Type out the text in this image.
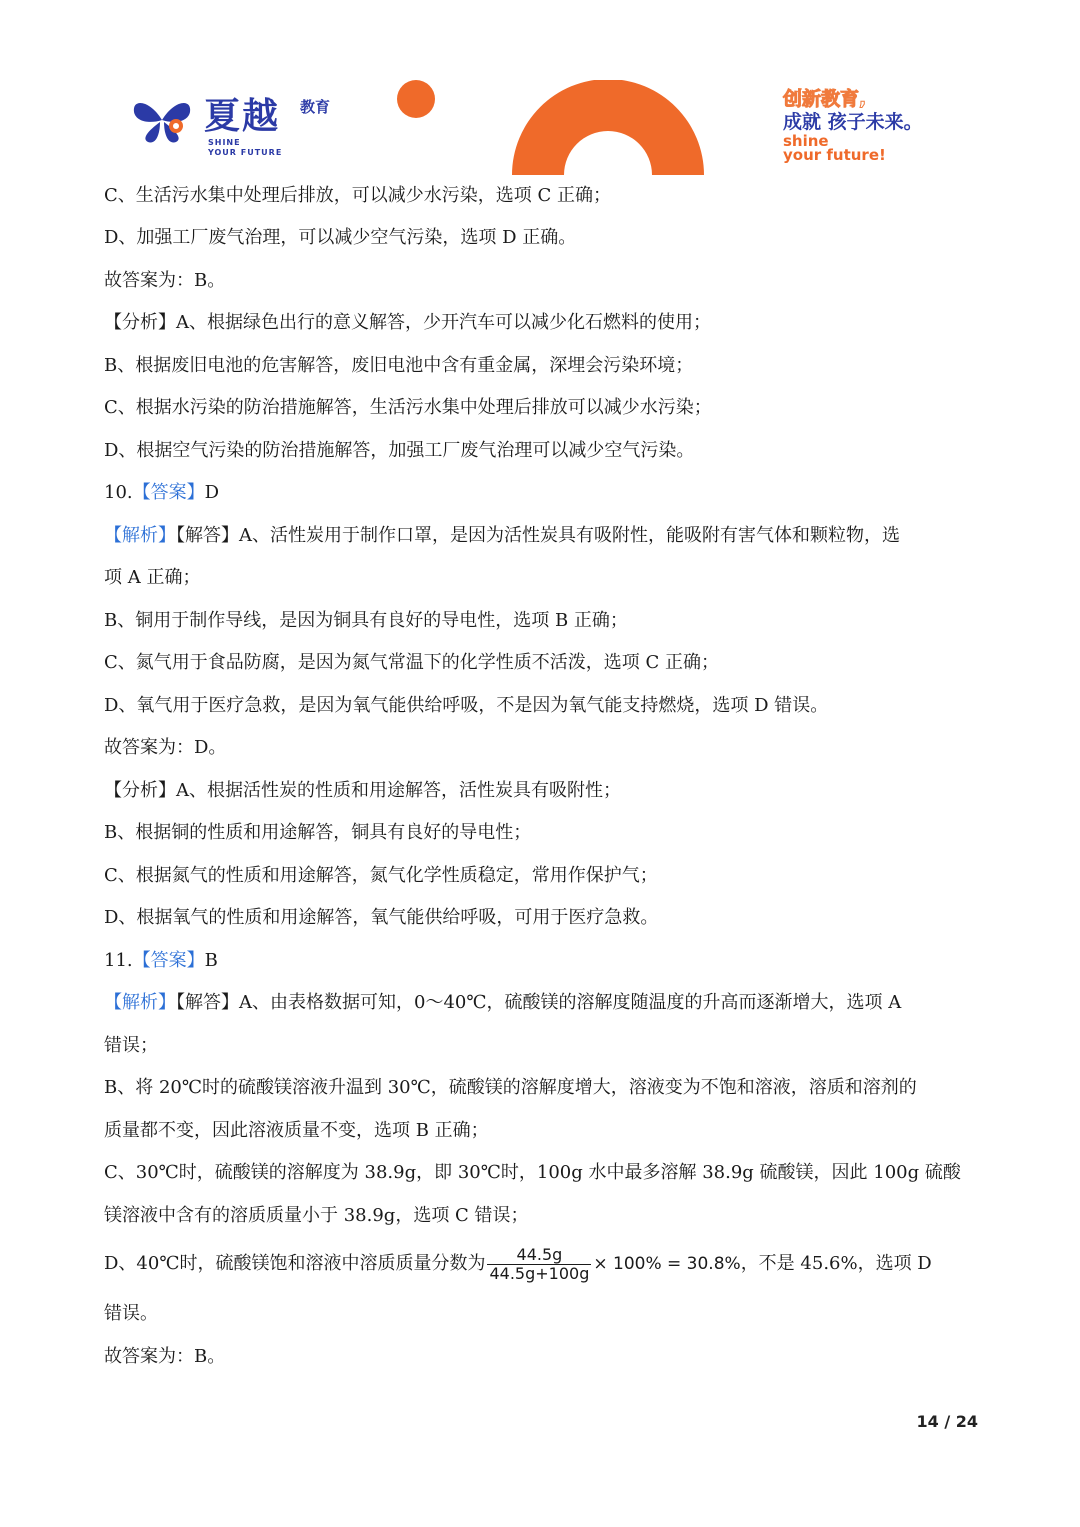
夏越 教育
SHINE
YOUR FUTURE
创新教育,
成就 孩子未来。
shine
your future!
C、生活污水集中处理后排放，可以减少水污染，选项 C 正确；
D、加强工厂废气治理，可以减少空气污染，选项 D 正确。
故答案为：B。
【分析】A、根据绿色出行的意义解答，少开汽车可以减少化石燃料的使用；
B、根据废旧电池的危害解答，废旧电池中含有重金属，深埋会污染环境；
C、根据水污染的防治措施解答，生活污水集中处理后排放可以减少水污染；
D、根据空气污染的防治措施解答，加强工厂废气治理可以减少空气污染。
10.【答案】D
【解析】【解答】A、活性炭用于制作口罩，是因为活性炭具有吸附性，能吸附有害气体和颗粒物，选
项 A 正确；
B、铜用于制作导线，是因为铜具有良好的导电性，选项 B 正确；
C、氮气用于食品防腐，是因为氮气常温下的化学性质不活泼，选项 C 正确；
D、氧气用于医疗急救，是因为氧气能供给呼吸，不是因为氧气能支持燃烧，选项 D 错误。
故答案为：D。
【分析】A、根据活性炭的性质和用途解答，活性炭具有吸附性；
B、根据铜的性质和用途解答，铜具有良好的导电性；
C、根据氮气的性质和用途解答，氮气化学性质稳定，常用作保护气；
D、根据氧气的性质和用途解答，氧气能供给呼吸，可用于医疗急救。
11.【答案】B
【解析】【解答】A、由表格数据可知，0～40℃，硫酸镁的溶解度随温度的升高而逐渐增大，选项 A
错误；
B、将 20℃时的硫酸镁溶液升温到 30℃，硫酸镁的溶解度增大，溶液变为不饱和溶液，溶质和溶剂的
质量都不变，因此溶液质量不变，选项 B 正确；
C、30℃时，硫酸镁的溶解度为 38.9g，即 30℃时，100g 水中最多溶解 38.9g 硫酸镁，因此 100g 硫酸
镁溶液中含有的溶质质量小于 38.9g，选项 C 错误；
D、40℃时，硫酸镁饱和溶液中溶质质量分数为 $\frac{44.5g}{44.5g+100g} \times 100\% = 30.8\%$，不是 45.6%，选项 D
错误。
故答案为：B。
14 / 24
